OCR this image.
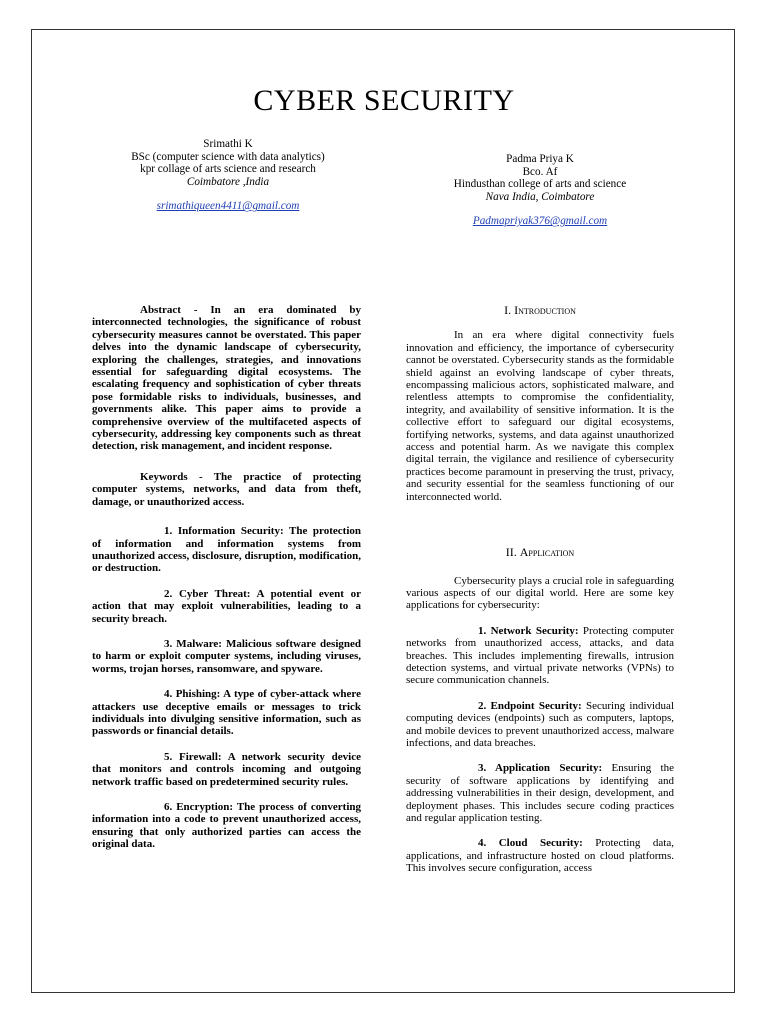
CYBER SECURITY
Srimathi K
BSc (computer science with data analytics)
kpr collage of arts science and research
Coimbatore ,India
srimathiqueen4411@gmail.com
Padma Priya K
Bco. Af
Hindusthan college of arts and science
Nava India, Coimbatore
Padmapriyak376@gmail.com

Abstract - In an era dominated by interconnected technologies, the significance of robust cybersecurity measures cannot be overstated. This paper delves into the dynamic landscape of cybersecurity, exploring the challenges, strategies, and innovations essential for safeguarding digital ecosystems. The escalating frequency and sophistication of cyber threats pose formidable risks to individuals, businesses, and governments alike. This paper aims to provide a comprehensive overview of the multifaceted aspects of cybersecurity, addressing key components such as threat detection, risk management, and incident response.

Keywords - The practice of protecting computer systems, networks, and data from theft, damage, or unauthorized access.

1. Information Security: The protection of information and information systems from unauthorized access, disclosure, disruption, modification, or destruction.

2. Cyber Threat: A potential event or action that may exploit vulnerabilities, leading to a security breach.

3. Malware: Malicious software designed to harm or exploit computer systems, including viruses, worms, trojan horses, ransomware, and spyware.

4. Phishing: A type of cyber-attack where attackers use deceptive emails or messages to trick individuals into divulging sensitive information, such as passwords or financial details.

5. Firewall: A network security device that monitors and controls incoming and outgoing network traffic based on predetermined security rules.

6. Encryption: The process of converting information into a code to prevent unauthorized access, ensuring that only authorized parties can access the original data.

I. Introduction

In an era where digital connectivity fuels innovation and efficiency, the importance of cybersecurity cannot be overstated. Cybersecurity stands as the formidable shield against an evolving landscape of cyber threats, encompassing malicious actors, sophisticated malware, and relentless attempts to compromise the confidentiality, integrity, and availability of sensitive information. It is the collective effort to safeguard our digital ecosystems, fortifying networks, systems, and data against unauthorized access and potential harm. As we navigate this complex digital terrain, the vigilance and resilience of cybersecurity practices become paramount in preserving the trust, privacy, and security essential for the seamless functioning of our interconnected world.

II. Application

Cybersecurity plays a crucial role in safeguarding various aspects of our digital world. Here are some key applications for cybersecurity:

1. Network Security: Protecting computer networks from unauthorized access, attacks, and data breaches. This includes implementing firewalls, intrusion detection systems, and virtual private networks (VPNs) to secure communication channels.

2. Endpoint Security: Securing individual computing devices (endpoints) such as computers, laptops, and mobile devices to prevent unauthorized access, malware infections, and data breaches.

3. Application Security: Ensuring the security of software applications by identifying and addressing vulnerabilities in their design, development, and deployment phases. This includes secure coding practices and regular application testing.

4. Cloud Security: Protecting data, applications, and infrastructure hosted on cloud platforms. This involves secure configuration, access
